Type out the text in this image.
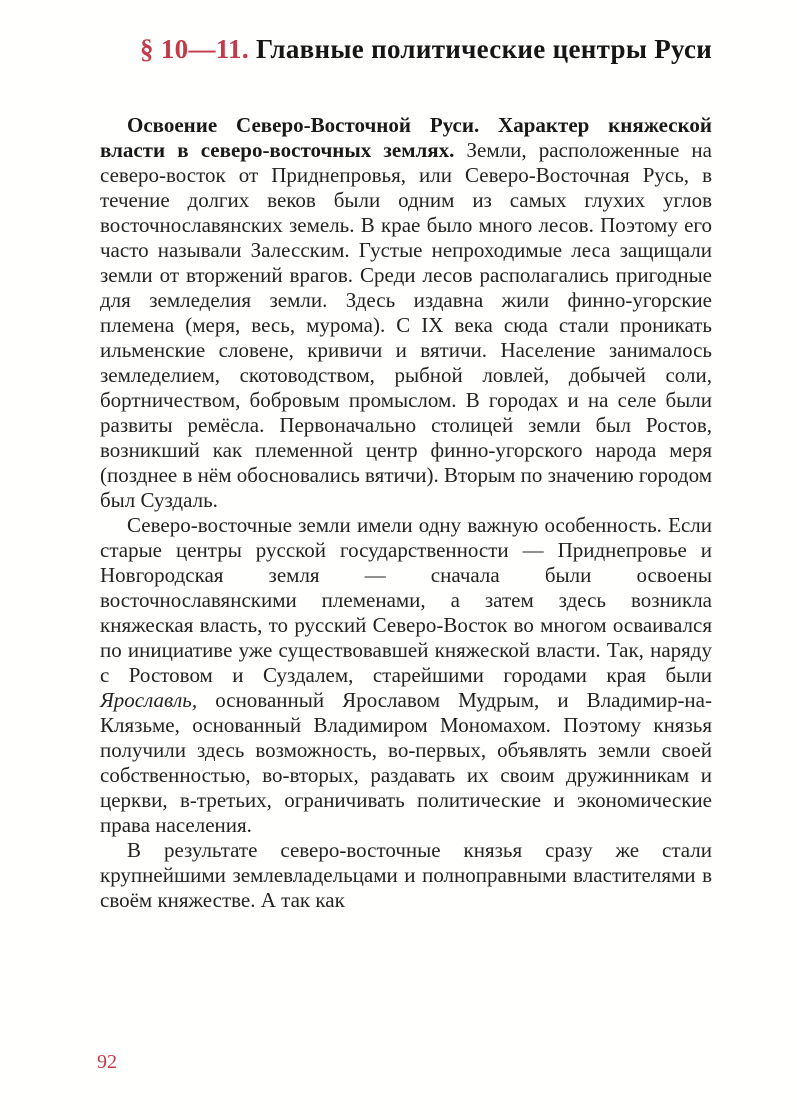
§ 10—11. Главные политические центры Руси

Освоение Северо-Восточной Руси. Характер княжеской власти в северо-восточных землях. Земли, расположенные на северо-восток от Приднепровья, или Северо-Восточная Русь, в течение долгих веков были одним из самых глухих углов восточнославянских земель. В крае было много лесов. Поэтому его часто называли Залесским. Густые непроходимые леса защищали земли от вторжений врагов. Среди лесов располагались пригодные для земледелия земли. Здесь издавна жили финно-угорские племена (меря, весь, мурома). С IX века сюда стали проникать ильменские словене, кривичи и вятичи. Население занималось земледелием, скотоводством, рыбной ловлей, добычей соли, бортничеством, бобровым промыслом. В городах и на селе были развиты ремёсла. Первоначально столицей земли был Ростов, возникший как племенной центр финно-угорского народа меря (позднее в нём обосновались вятичи). Вторым по значению городом был Суздаль.

Северо-восточные земли имели одну важную особенность. Если старые центры русской государственности — Приднепровье и Новгородская земля — сначала были освоены восточнославянскими племенами, а затем здесь возникла княжеская власть, то русский Северо-Восток во многом осваивался по инициативе уже существовавшей княжеской власти. Так, наряду с Ростовом и Суздалем, старейшими городами края были Ярославль, основанный Ярославом Мудрым, и Владимир-на-Клязьме, основанный Владимиром Мономахом. Поэтому князья получили здесь возможность, во-первых, объявлять земли своей собственностью, во-вторых, раздавать их своим дружинникам и церкви, в-третьих, ограничивать политические и экономические права населения.

В результате северо-восточные князья сразу же стали крупнейшими землевладельцами и полноправными властителями в своём княжестве. А так как

92
